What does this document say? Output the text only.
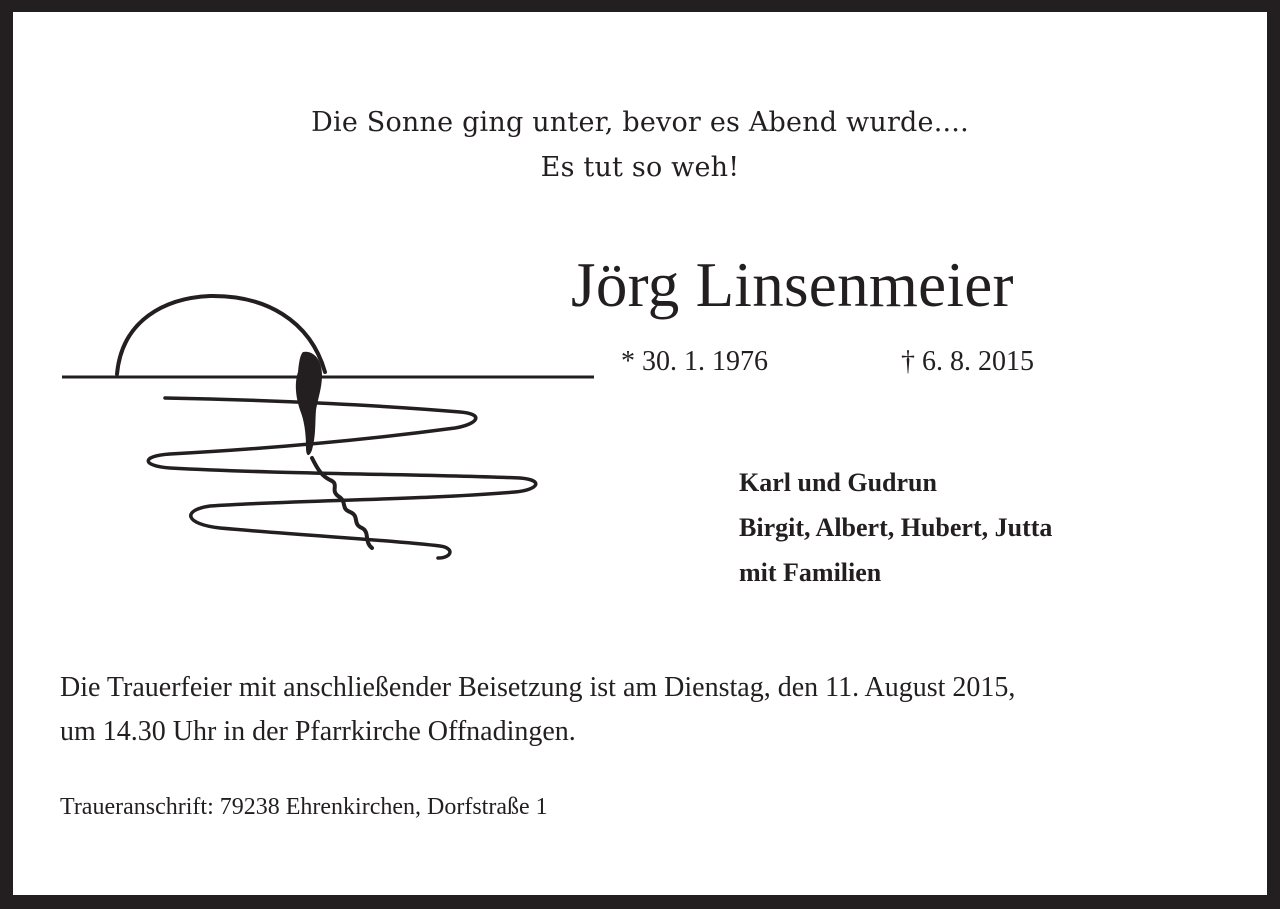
Die Sonne ging unter, bevor es Abend wurde....
Es tut so weh!
Jörg Linsenmeier
* 30. 1. 1976	† 6. 8. 2015
Karl und Gudrun
Birgit, Albert, Hubert, Jutta
mit Familien
Die Trauerfeier mit anschließender Beisetzung ist am Dienstag, den 11. August 2015,
um 14.30 Uhr in der Pfarrkirche Offnadingen.
Traueranschrift: 79238 Ehrenkirchen, Dorfstraße 1
